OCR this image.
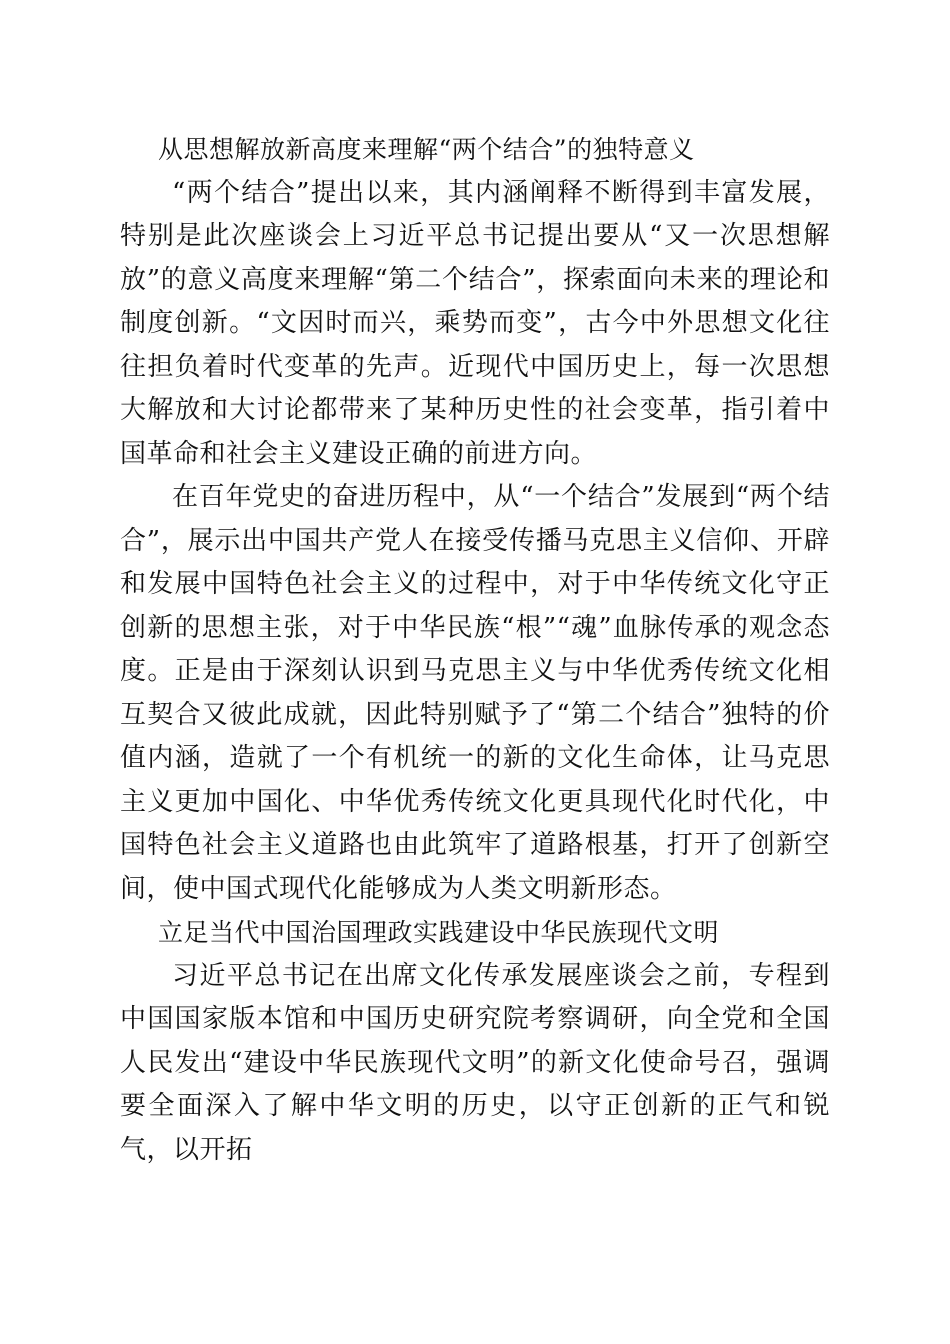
从思想解放新高度来理解“两个结合”的独特意义

“两个结合”提出以来，其内涵阐释不断得到丰富发展，特别是此次座谈会上习近平总书记提出要从“又一次思想解放”的意义高度来理解“第二个结合”，探索面向未来的理论和制度创新。“文因时而兴，乘势而变”，古今中外思想文化往往担负着时代变革的先声。近现代中国历史上，每一次思想大解放和大讨论都带来了某种历史性的社会变革，指引着中国革命和社会主义建设正确的前进方向。

在百年党史的奋进历程中，从“一个结合”发展到“两个结合”，展示出中国共产党人在接受传播马克思主义信仰、开辟和发展中国特色社会主义的过程中，对于中华传统文化守正创新的思想主张，对于中华民族“根”“魂”血脉传承的观念态度。正是由于深刻认识到马克思主义与中华优秀传统文化相互契合又彼此成就，因此特别赋予了“第二个结合”独特的价值内涵，造就了一个有机统一的新的文化生命体，让马克思主义更加中国化、中华优秀传统文化更具现代化时代化，中国特色社会主义道路也由此筑牢了道路根基，打开了创新空间，使中国式现代化能够成为人类文明新形态。

立足当代中国治国理政实践建设中华民族现代文明

习近平总书记在出席文化传承发展座谈会之前，专程到中国国家版本馆和中国历史研究院考察调研，向全党和全国人民发出“建设中华民族现代文明”的新文化使命号召，强调要全面深入了解中华文明的历史，以守正创新的正气和锐气，以开拓
